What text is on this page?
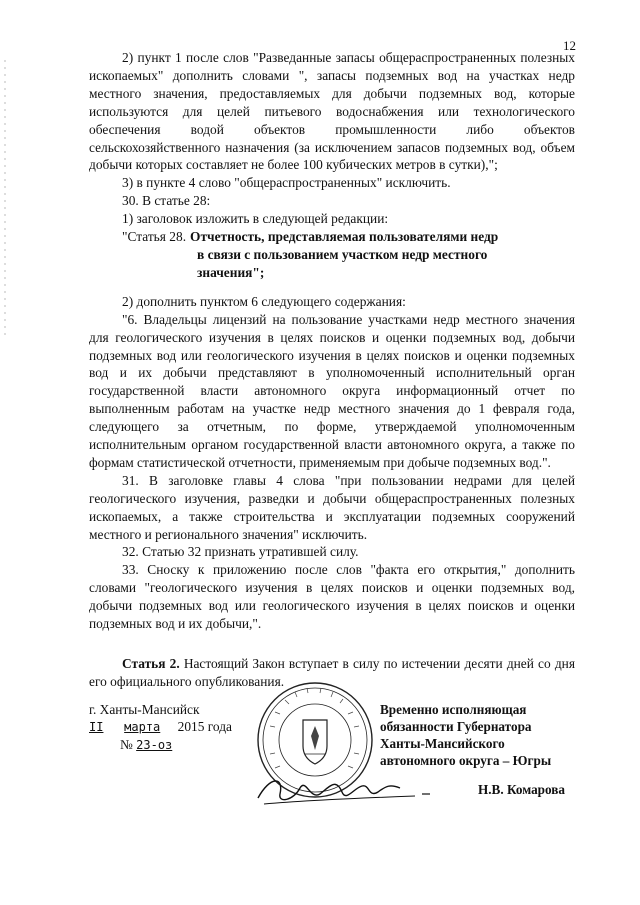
12

2) пункт 1 после слов "Разведанные запасы общераспространенных полезных ископаемых" дополнить словами ", запасы подземных вод на участках недр местного значения, предоставляемых для добычи подземных вод, которые используются для целей питьевого водоснабжения или технологического обеспечения водой объектов промышленности либо объектов сельскохозяйственного назначения (за исключением запасов подземных вод, объем добычи которых составляет не более 100 кубических метров в сутки),";

3) в пункте 4 слово "общераспространенных" исключить.

30. В статье 28:

1) заголовок изложить в следующей редакции:

"Статья 28. Отчетность, представляемая пользователями недр
в связи с пользованием участком недр местного
значения";

2) дополнить пунктом 6 следующего содержания:

"6. Владельцы лицензий на пользование участками недр местного значения для геологического изучения в целях поисков и оценки подземных вод, добычи подземных вод или геологического изучения в целях поисков и оценки подземных вод и их добычи представляют в уполномоченный исполнительный орган государственной власти автономного округа информационный отчет по выполненным работам на участке недр местного значения до 1 февраля года, следующего за отчетным, по форме, утверждаемой уполномоченным исполнительным органом государственной власти автономного округа, а также по формам статистической отчетности, применяемым при добыче подземных вод.".

31. В заголовке главы 4 слова "при пользовании недрами для целей геологического изучения, разведки и добычи общераспространенных полезных ископаемых, а также строительства и эксплуатации подземных сооружений местного и регионального значения" исключить.

32. Статью 32 признать утратившей силу.

33. Сноску к приложению после слов "факта его открытия," дополнить словами "геологического изучения в целях поисков и оценки подземных вод, добычи подземных вод или геологического изучения в целях поисков и оценки подземных вод и их добычи,".

Статья 2. Настоящий Закон вступает в силу по истечении десяти дней со дня его официального опубликования.

г. Ханты-Мансийск
II марта 2015 года
№ 23-оз
Временно исполняющая
обязанности Губернатора
Ханты-Мансийского
автономного округа – Югры
Н.В. Комарова
